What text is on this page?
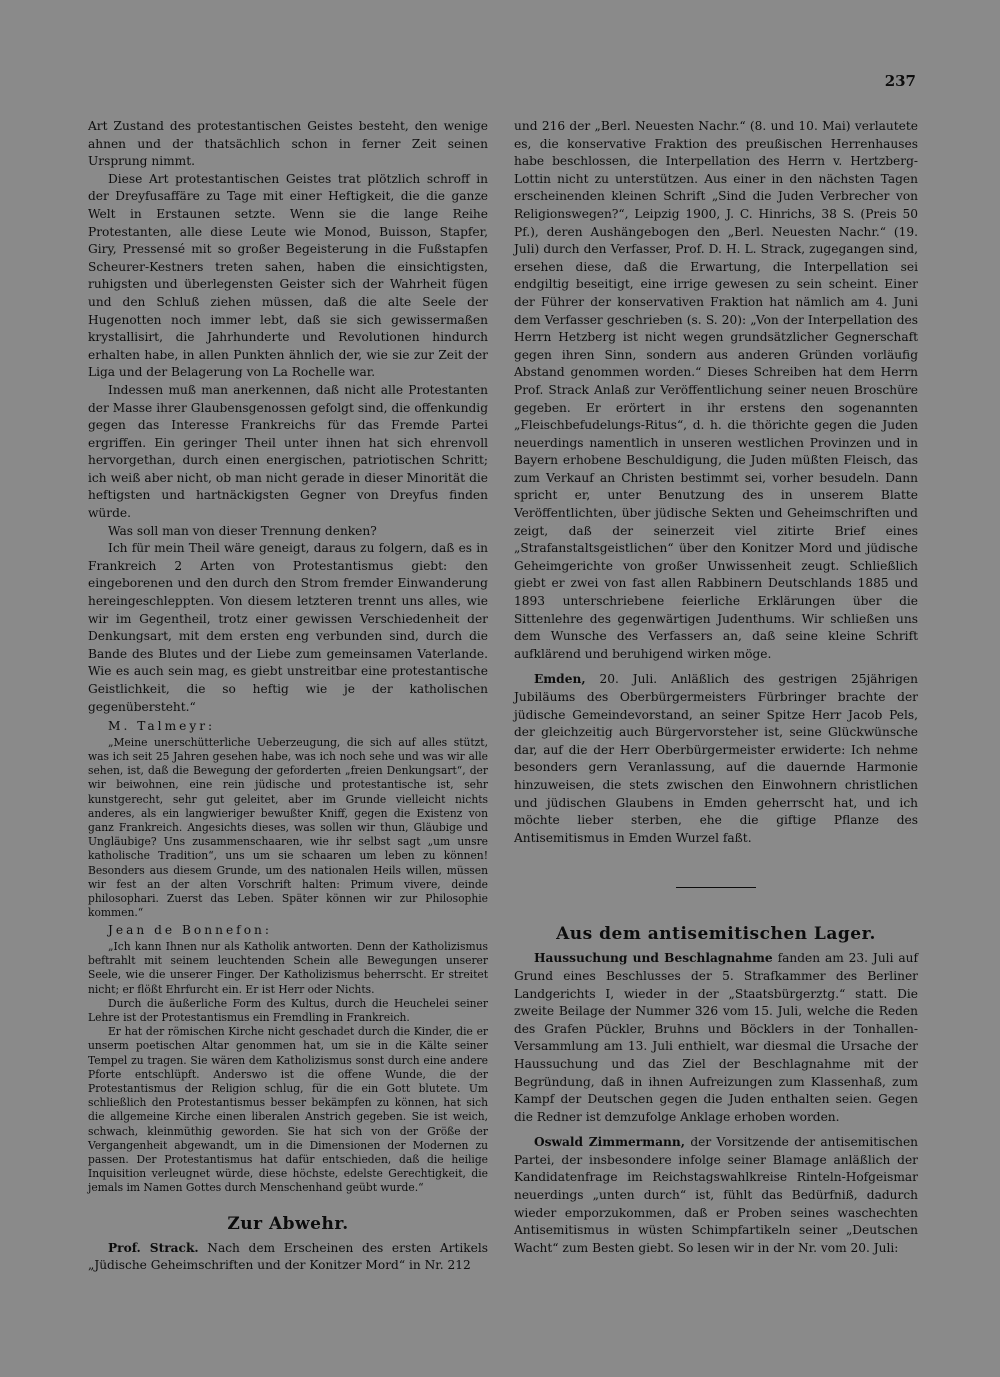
237

Art Zustand des protestantischen Geistes besteht, den wenige ahnen und der thatsächlich schon in ferner Zeit seinen Ursprung nimmt.

Diese Art protestantischen Geistes trat plötzlich schroff in der Dreyfusaffäre zu Tage mit einer Heftigkeit, die die ganze Welt in Erstaunen setzte. Wenn sie die lange Reihe Protestanten, alle diese Leute wie Monod, Buisson, Stapfer, Giry, Pressensé mit so großer Begeisterung in die Fußstapfen Scheurer-Kestners treten sahen, haben die einsichtigsten, ruhigsten und überlegensten Geister sich der Wahrheit fügen und den Schluß ziehen müssen, daß die alte Seele der Hugenotten noch immer lebt, daß sie sich gewissermaßen krystallisirt, die Jahrhunderte und Revolutionen hindurch erhalten habe, in allen Punkten ähnlich der, wie sie zur Zeit der Liga und der Belagerung von La Rochelle war.

Indessen muß man anerkennen, daß nicht alle Protestanten der Masse ihrer Glaubensgenossen gefolgt sind, die offenkundig gegen das Interesse Frankreichs für das Fremde Partei ergriffen. Ein geringer Theil unter ihnen hat sich ehrenvoll hervorgethan, durch einen energischen, patriotischen Schritt; ich weiß aber nicht, ob man nicht gerade in dieser Minorität die heftigsten und hartnäckigsten Gegner von Dreyfus finden würde.

Was soll man von dieser Trennung denken?

Ich für mein Theil wäre geneigt, daraus zu folgern, daß es in Frankreich 2 Arten von Protestantismus giebt: den eingeborenen und den durch den Strom fremder Einwanderung hereingeschleppten. Von diesem letzteren trennt uns alles, wie wir im Gegentheil, trotz einer gewissen Verschiedenheit der Denkungsart, mit dem ersten eng verbunden sind, durch die Bande des Blutes und der Liebe zum gemeinsamen Vaterlande. Wie es auch sein mag, es giebt unstreitbar eine protestantische Geistlichkeit, die so heftig wie je der katholischen gegenübersteht.“

M. Talmeyr:

„Meine unerschütterliche Ueberzeugung, die sich auf alles stützt, was ich seit 25 Jahren gesehen habe, was ich noch sehe und was wir alle sehen, ist, daß die Bewegung der geforderten „freien Denkungsart“, der wir beiwohnen, eine rein jüdische und protestantische ist, sehr kunstgerecht, sehr gut geleitet, aber im Grunde vielleicht nichts anderes, als ein langwieriger bewußter Kniff, gegen die Existenz von ganz Frankreich. Angesichts dieses, was sollen wir thun, Gläubige und Ungläubige? Uns zusammenschaaren, wie ihr selbst sagt „um unsre katholische Tradition“, uns um sie schaaren um leben zu können! Besonders aus diesem Grunde, um des nationalen Heils willen, müssen wir fest an der alten Vorschrift halten: Primum vivere, deinde philosophari. Zuerst das Leben. Später können wir zur Philosophie kommen.“

Jean de Bonnefon:

„Ich kann Ihnen nur als Katholik antworten. Denn der Katholizismus beftrahlt mit seinem leuchtenden Schein alle Bewegungen unserer Seele, wie die unserer Finger. Der Katholizismus beherrscht. Er streitet nicht; er flößt Ehrfurcht ein. Er ist Herr oder Nichts.

Durch die äußerliche Form des Kultus, durch die Heuchelei seiner Lehre ist der Protestantismus ein Fremdling in Frankreich.

Er hat der römischen Kirche nicht geschadet durch die Kinder, die er unserm poetischen Altar genommen hat, um sie in die Kälte seiner Tempel zu tragen. Sie wären dem Katholizismus sonst durch eine andere Pforte entschlüpft. Anderswo ist die offene Wunde, die der Protestantismus der Religion schlug, für die ein Gott blutete. Um schließlich den Protestantismus besser bekämpfen zu können, hat sich die allgemeine Kirche einen liberalen Anstrich gegeben. Sie ist weich, schwach, kleinmüthig geworden. Sie hat sich von der Größe der Vergangenheit abgewandt, um in die Dimensionen der Modernen zu passen. Der Protestantismus hat dafür entschieden, daß die heilige Inquisition verleugnet würde, diese höchste, edelste Gerechtigkeit, die jemals im Namen Gottes durch Menschenhand geübt wurde.“

Zur Abwehr.

Prof. Strack. Nach dem Erscheinen des ersten Artikels „Jüdische Geheimschriften und der Konitzer Mord“ in Nr. 212

und 216 der „Berl. Neuesten Nachr.“ (8. und 10. Mai) verlautete es, die konservative Fraktion des preußischen Herrenhauses habe beschlossen, die Interpellation des Herrn v. Hertzberg-Lottin nicht zu unterstützen. Aus einer in den nächsten Tagen erscheinenden kleinen Schrift „Sind die Juden Verbrecher von Religionswegen?“, Leipzig 1900, J. C. Hinrichs, 38 S. (Preis 50 Pf.), deren Aushängebogen den „Berl. Neuesten Nachr.“ (19. Juli) durch den Verfasser, Prof. D. H. L. Strack, zugegangen sind, ersehen diese, daß die Erwartung, die Interpellation sei endgiltig beseitigt, eine irrige gewesen zu sein scheint. Einer der Führer der konservativen Fraktion hat nämlich am 4. Juni dem Verfasser geschrieben (s. S. 20): „Von der Interpellation des Herrn Hetzberg ist nicht wegen grundsätzlicher Gegnerschaft gegen ihren Sinn, sondern aus anderen Gründen vorläufig Abstand genommen worden.“ Dieses Schreiben hat dem Herrn Prof. Strack Anlaß zur Veröffentlichung seiner neuen Broschüre gegeben. Er erörtert in ihr erstens den sogenannten „Fleischbefudelungs-Ritus“, d. h. die thörichte gegen die Juden neuerdings namentlich in unseren westlichen Provinzen und in Bayern erhobene Beschuldigung, die Juden müßten Fleisch, das zum Verkauf an Christen bestimmt sei, vorher besudeln. Dann spricht er, unter Benutzung des in unserem Blatte Veröffentlichten, über jüdische Sekten und Geheimschriften und zeigt, daß der seinerzeit viel zitirte Brief eines „Strafanstaltsgeistlichen“ über den Konitzer Mord und jüdische Geheimgerichte von großer Unwissenheit zeugt. Schließlich giebt er zwei von fast allen Rabbinern Deutschlands 1885 und 1893 unterschriebene feierliche Erklärungen über die Sittenlehre des gegenwärtigen Judenthums. Wir schließen uns dem Wunsche des Verfassers an, daß seine kleine Schrift aufklärend und beruhigend wirken möge.

Emden, 20. Juli. Anläßlich des gestrigen 25jährigen Jubiläums des Oberbürgermeisters Fürbringer brachte der jüdische Gemeindevorstand, an seiner Spitze Herr Jacob Pels, der gleichzeitig auch Bürgervorsteher ist, seine Glückwünsche dar, auf die der Herr Oberbürgermeister erwiderte: Ich nehme besonders gern Veranlassung, auf die dauernde Harmonie hinzuweisen, die stets zwischen den Einwohnern christlichen und jüdischen Glaubens in Emden geherrscht hat, und ich möchte lieber sterben, ehe die giftige Pflanze des Antisemitismus in Emden Wurzel faßt.

Aus dem antisemitischen Lager.

Haussuchung und Beschlagnahme fanden am 23. Juli auf Grund eines Beschlusses der 5. Strafkammer des Berliner Landgerichts I, wieder in der „Staatsbürgerztg.“ statt. Die zweite Beilage der Nummer 326 vom 15. Juli, welche die Reden des Grafen Pückler, Bruhns und Böcklers in der Tonhallen-Versammlung am 13. Juli enthielt, war diesmal die Ursache der Haussuchung und das Ziel der Beschlagnahme mit der Begründung, daß in ihnen Aufreizungen zum Klassenhaß, zum Kampf der Deutschen gegen die Juden enthalten seien. Gegen die Redner ist demzufolge Anklage erhoben worden.

Oswald Zimmermann, der Vorsitzende der antisemitischen Partei, der insbesondere infolge seiner Blamage anläßlich der Kandidatenfrage im Reichstagswahlkreise Rinteln-Hofgeismar neuerdings „unten durch“ ist, fühlt das Bedürfniß, dadurch wieder emporzukommen, daß er Proben seines waschechten Antisemitismus in wüsten Schimpfartikeln seiner „Deutschen Wacht“ zum Besten giebt. So lesen wir in der Nr. vom 20. Juli:
